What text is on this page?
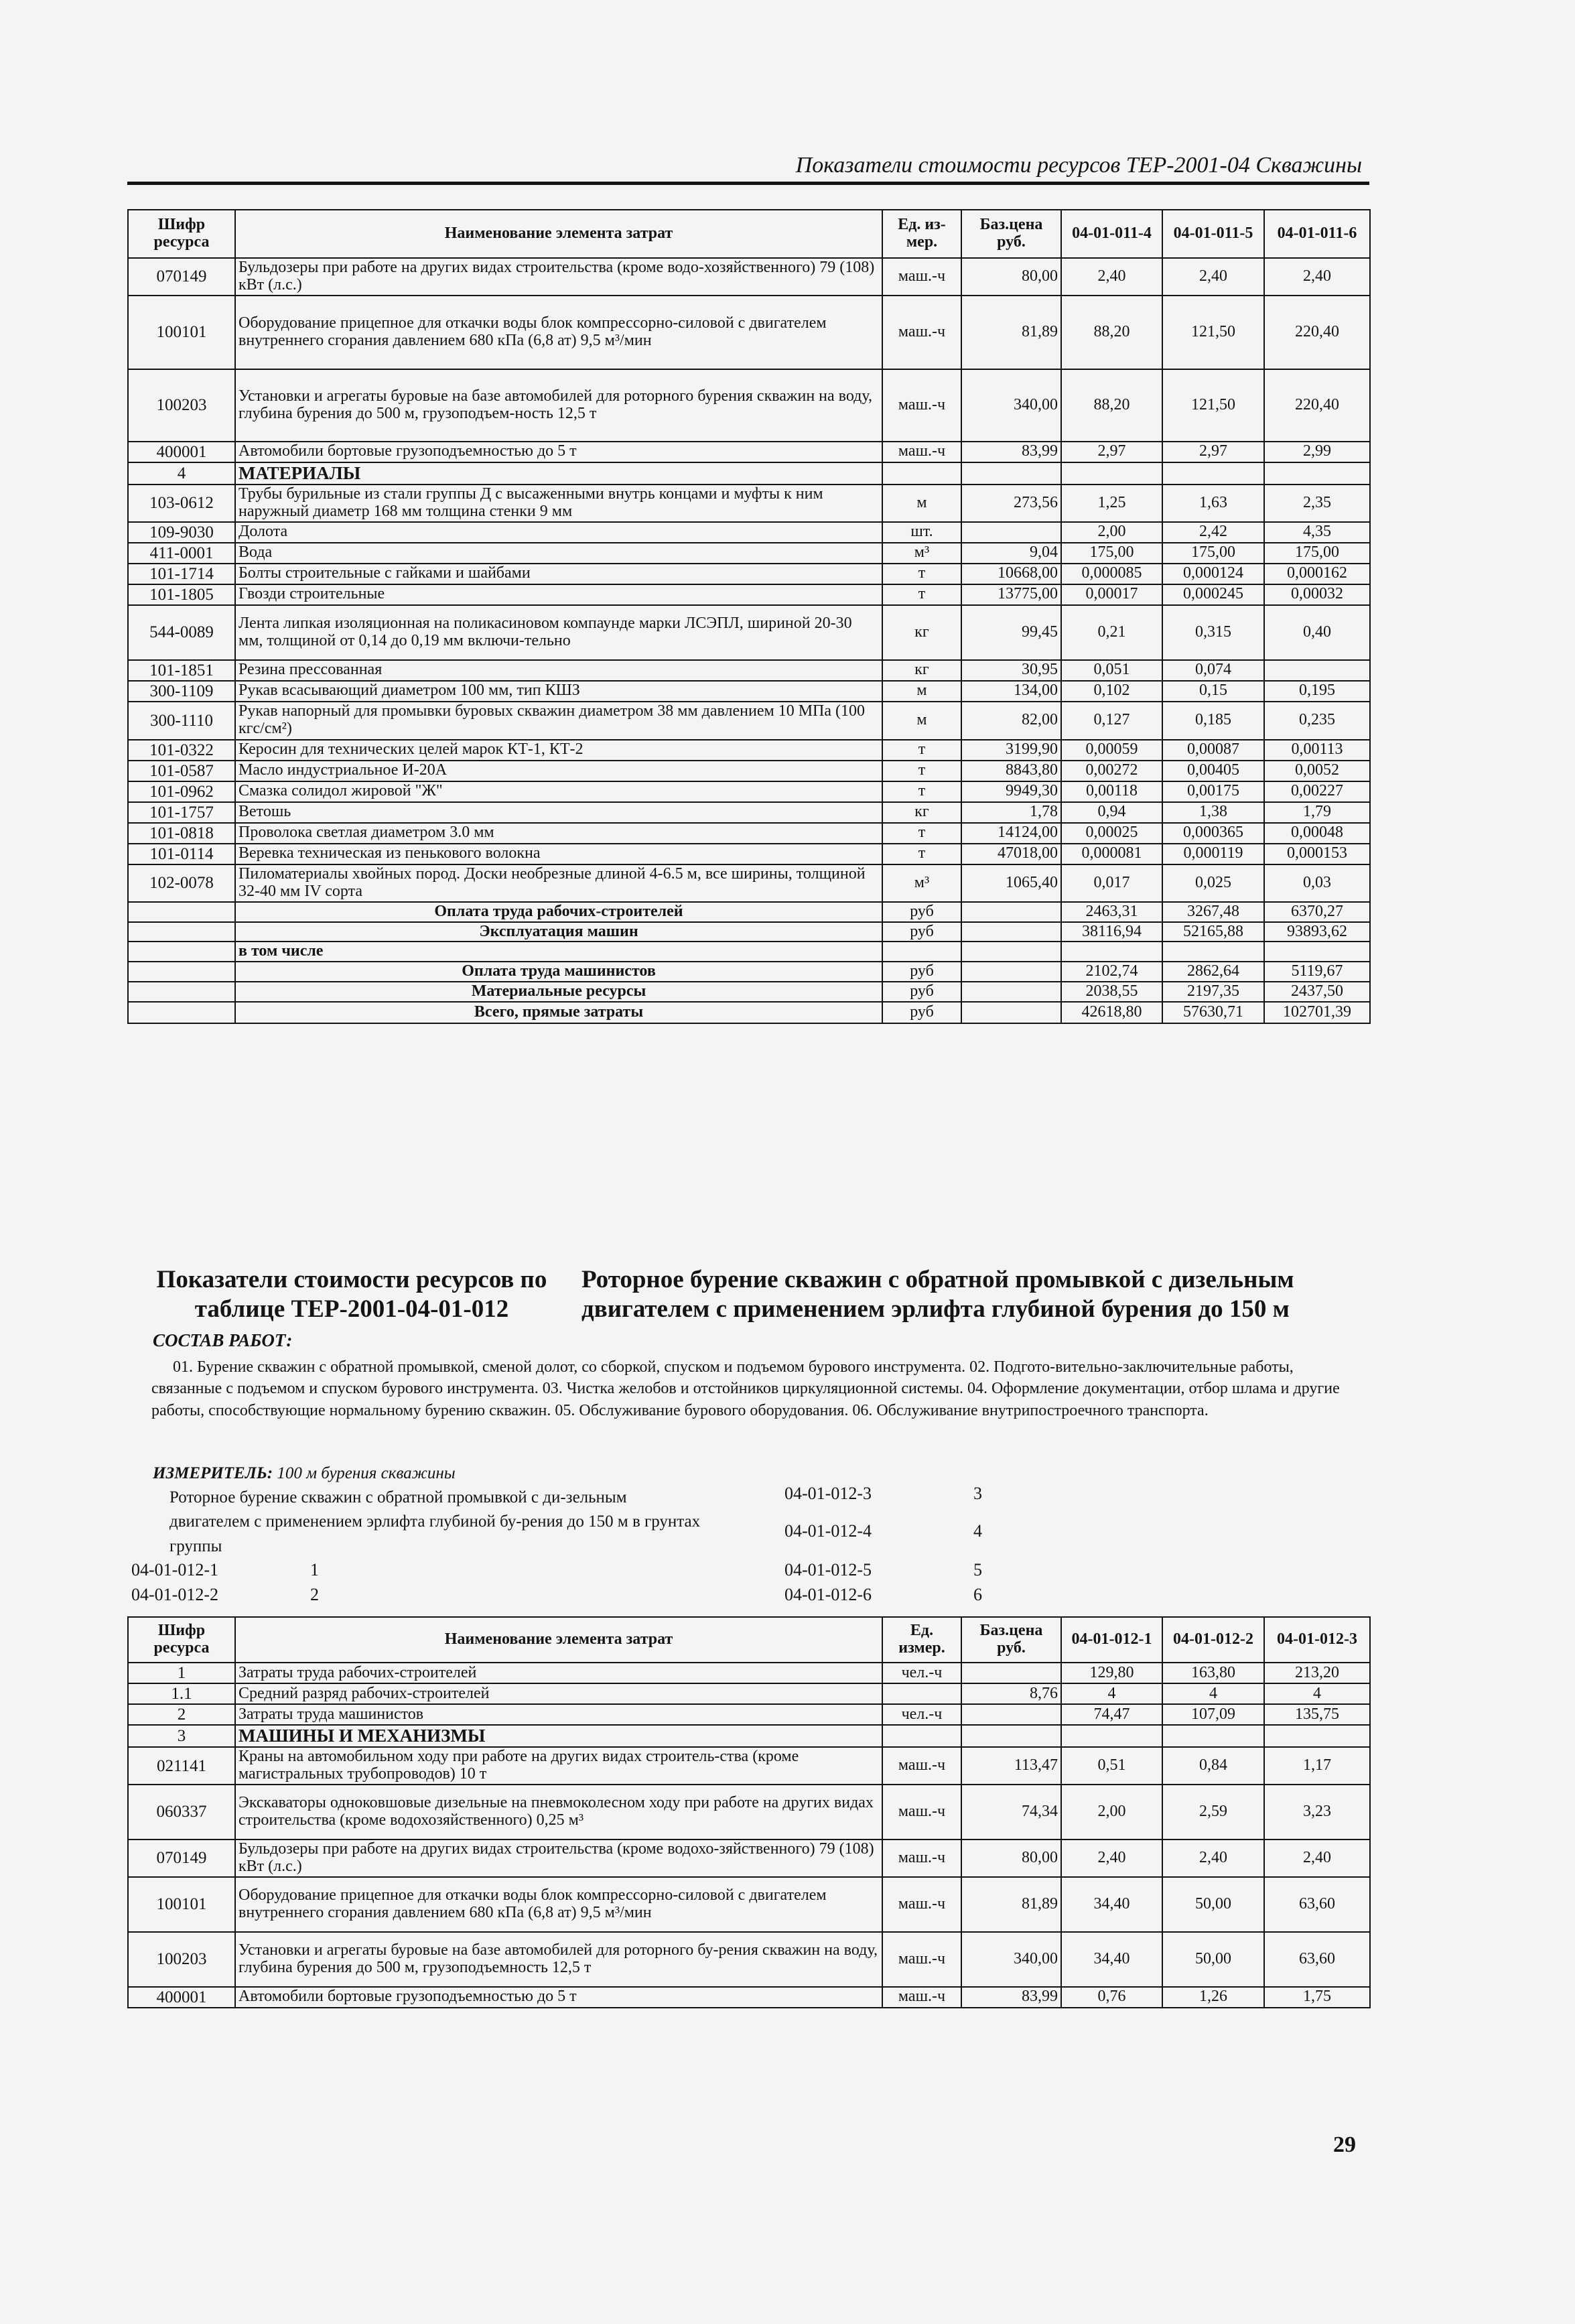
Показатели стоимости ресурсов ТЕР-2001-04 Скважины
Шифр ресурса	Наименование элемента затрат	Ед. из-мер.	Баз.цена руб.	04-01-011-4	04-01-011-5	04-01-011-6
070149	Бульдозеры при работе на других видах строительства (кроме водо-хозяйственного) 79 (108) кВт (л.с.)	маш.-ч	80,00	2,40	2,40	2,40
100101	Оборудование прицепное для откачки воды блок компрессорно-силовой с двигателем внутреннего сгорания давлением 680 кПа (6,8 ат) 9,5 м³/мин	маш.-ч	81,89	88,20	121,50	220,40
100203	Установки и агрегаты буровые на базе автомобилей для роторного бурения скважин на воду, глубина бурения до 500 м, грузоподъем-ность 12,5 т	маш.-ч	340,00	88,20	121,50	220,40
400001	Автомобили бортовые грузоподъемностью до 5 т	маш.-ч	83,99	2,97	2,97	2,99
4	МАТЕРИАЛЫ					
103-0612	Трубы бурильные из стали группы Д с высаженными внутрь концами и муфты к ним наружный диаметр 168 мм толщина стенки 9 мм	м	273,56	1,25	1,63	2,35
109-9030	Долота	шт.		2,00	2,42	4,35
411-0001	Вода	м³	9,04	175,00	175,00	175,00
101-1714	Болты строительные с гайками и шайбами	т	10668,00	0,000085	0,000124	0,000162
101-1805	Гвозди строительные	т	13775,00	0,00017	0,000245	0,00032
544-0089	Лента липкая изоляционная на поликасиновом компаунде марки ЛСЭПЛ, шириной 20-30 мм, толщиной от 0,14 до 0,19 мм включи-тельно	кг	99,45	0,21	0,315	0,40
101-1851	Резина прессованная	кг	30,95	0,051	0,074	
300-1109	Рукав всасывающий диаметром 100 мм, тип КШЗ	м	134,00	0,102	0,15	0,195
300-1110	Рукав напорный для промывки буровых скважин диаметром 38 мм давлением 10 МПа (100 кгс/см²)	м	82,00	0,127	0,185	0,235
101-0322	Керосин для технических целей марок КТ-1, КТ-2	т	3199,90	0,00059	0,00087	0,00113
101-0587	Масло индустриальное И-20А	т	8843,80	0,00272	0,00405	0,0052
101-0962	Смазка солидол жировой "Ж"	т	9949,30	0,00118	0,00175	0,00227
101-1757	Ветошь	кг	1,78	0,94	1,38	1,79
101-0818	Проволока светлая диаметром 3.0 мм	т	14124,00	0,00025	0,000365	0,00048
101-0114	Веревка техническая из пенькового волокна	т	47018,00	0,000081	0,000119	0,000153
102-0078	Пиломатериалы хвойных пород. Доски необрезные длиной 4-6.5 м, все ширины, толщиной 32-40 мм IV сорта	м³	1065,40	0,017	0,025	0,03
	Оплата труда рабочих-строителей	руб		2463,31	3267,48	6370,27
	Эксплуатация машин	руб		38116,94	52165,88	93893,62
	в том числе					
	Оплата труда машинистов	руб		2102,74	2862,64	5119,67
	Материальные ресурсы	руб		2038,55	2197,35	2437,50
	Всего, прямые затраты	руб		42618,80	57630,71	102701,39
Показатели стоимости ресурсов по таблице ТЕР-2001-04-01-012
Роторное бурение скважин с обратной промывкой с дизельным двигателем с применением эрлифта глубиной бурения до 150 м
СОСТАВ РАБОТ:
01. Бурение скважин с обратной промывкой, сменой долот, со сборкой, спуском и подъемом бурового инструмента. 02. Подгото-вительно-заключительные работы, связанные с подъемом и спуском бурового инструмента. 03. Чистка желобов и отстойников циркуляционной системы. 04. Оформление документации, отбор шлама и другие работы, способствующие нормальному бурению скважин. 05. Обслуживание бурового оборудования. 06. Обслуживание внутрипостроечного транспорта.
ИЗМЕРИТЕЛЬ: 100 м бурения скважины
Роторное бурение скважин с обратной промывкой с ди-зельным двигателем с применением эрлифта глубиной бу-рения до 150 м в грунтах группы
04-01-012-1	1
04-01-012-2	2
04-01-012-3	3
04-01-012-4	4
04-01-012-5	5
04-01-012-6	6
Шифр ресурса	Наименование элемента затрат	Ед. измер.	Баз.цена руб.	04-01-012-1	04-01-012-2	04-01-012-3
1	Затраты труда рабочих-строителей	чел.-ч		129,80	163,80	213,20
1.1	Средний разряд рабочих-строителей		8,76	4	4	4
2	Затраты труда машинистов	чел.-ч		74,47	107,09	135,75
3	МАШИНЫ И МЕХАНИЗМЫ					
021141	Краны на автомобильном ходу при работе на других видах строитель-ства (кроме магистральных трубопроводов) 10 т	маш.-ч	113,47	0,51	0,84	1,17
060337	Экскаваторы одноковшовые дизельные на пневмоколесном ходу при работе на других видах строительства (кроме водохозяйственного) 0,25 м³	маш.-ч	74,34	2,00	2,59	3,23
070149	Бульдозеры при работе на других видах строительства (кроме водохо-зяйственного) 79 (108) кВт (л.с.)	маш.-ч	80,00	2,40	2,40	2,40
100101	Оборудование прицепное для откачки воды блок компрессорно-силовой с двигателем внутреннего сгорания давлением 680 кПа (6,8 ат) 9,5 м³/мин	маш.-ч	81,89	34,40	50,00	63,60
100203	Установки и агрегаты буровые на базе автомобилей для роторного бу-рения скважин на воду, глубина бурения до 500 м, грузоподъемность 12,5 т	маш.-ч	340,00	34,40	50,00	63,60
400001	Автомобили бортовые грузоподъемностью до 5 т	маш.-ч	83,99	0,76	1,26	1,75
29
